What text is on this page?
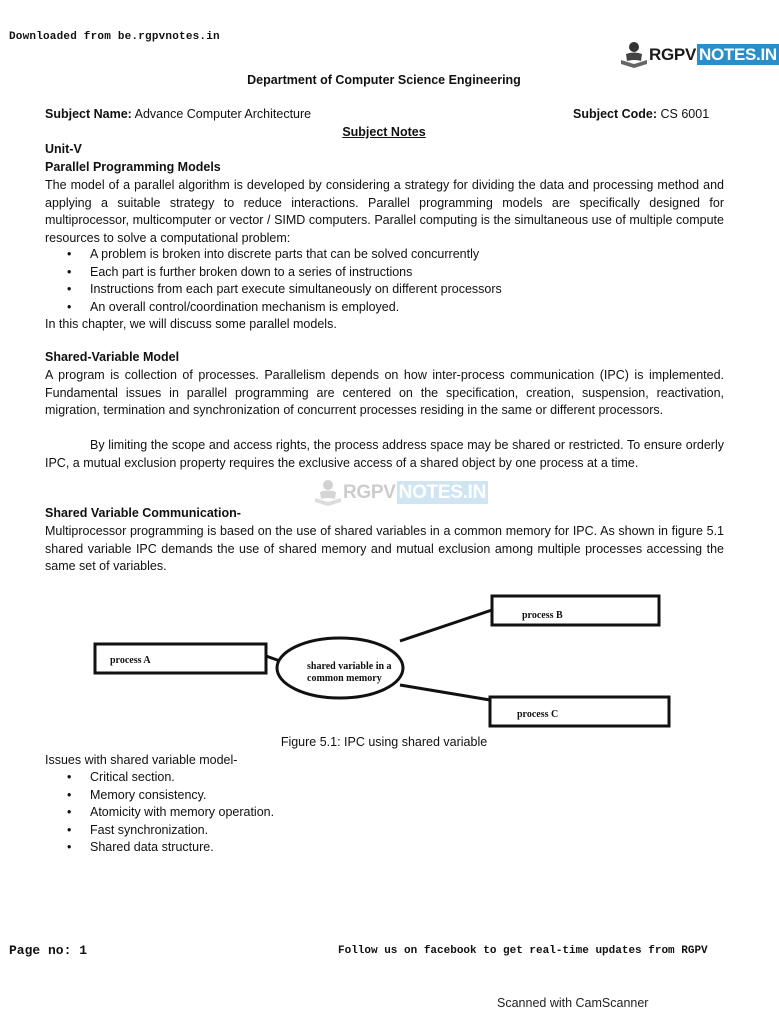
Downloaded from be.rgpvnotes.in
RGPV NOTES.IN
Department of Computer Science Engineering
Subject Name: Advance Computer Architecture	Subject Code: CS 6001
Subject Notes
Unit-V
Parallel Programming Models
The model of a parallel algorithm is developed by considering a strategy for dividing the data and processing method and applying a suitable strategy to reduce interactions. Parallel programming models are specifically designed for multiprocessor, multicomputer or vector / SIMD computers. Parallel computing is the simultaneous use of multiple compute resources to solve a computational problem:
• A problem is broken into discrete parts that can be solved concurrently
• Each part is further broken down to a series of instructions
• Instructions from each part execute simultaneously on different processors
• An overall control/coordination mechanism is employed.
In this chapter, we will discuss some parallel models.
Shared-Variable Model
A program is collection of processes. Parallelism depends on how inter-process communication (IPC) is implemented. Fundamental issues in parallel programming are centered on the specification, creation, suspension, reactivation, migration, termination and synchronization of concurrent processes residing in the same or different processors.
By limiting the scope and access rights, the process address space may be shared or restricted. To ensure orderly IPC, a mutual exclusion property requires the exclusive access of a shared object by one process at a time.
RGPV NOTES.IN
Shared Variable Communication-
Multiprocessor programming is based on the use of shared variables in a common memory for IPC. As shown in figure 5.1 shared variable IPC demands the use of shared memory and mutual exclusion among multiple processes accessing the same set of variables.
process A
process B
process C
shared variable in a
common memory
Figure 5.1: IPC using shared variable
Issues with shared variable model-
• Critical section.
• Memory consistency.
• Atomicity with memory operation.
• Fast synchronization.
• Shared data structure.
Page no: 1	Follow us on facebook to get real-time updates from RGPV
Scanned with CamScanner
